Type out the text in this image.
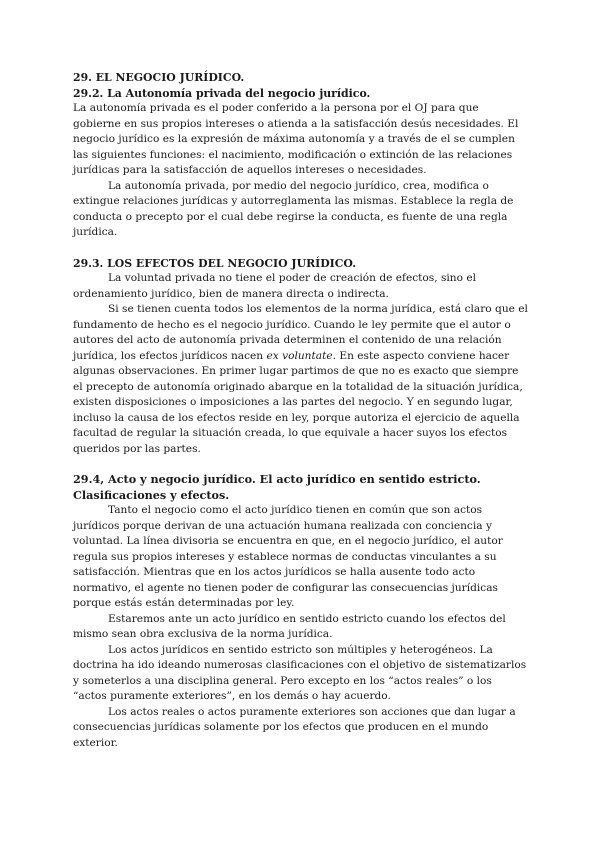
29. EL NEGOCIO JURÍDICO.
29.2. La Autonomía privada del negocio jurídico.

La autonomía privada es el poder conferido a la persona por el OJ para que gobierne en sus propios intereses o atienda a la satisfacción desús necesidades. El negocio jurídico es la expresión de máxima autonomía y a través de el se cumplen las siguientes funciones: el nacimiento, modificación o extinción de las relaciones jurídicas para la satisfacción de aquellos intereses o necesidades.

La autonomía privada, por medio del negocio jurídico, crea, modifica o extingue relaciones jurídicas y autorreglamenta las mismas. Establece la regla de conducta o precepto por el cual debe regirse la conducta, es fuente de una regla jurídica.

29.3. LOS EFECTOS DEL NEGOCIO JURÍDICO.

La voluntad privada no tiene el poder de creación de efectos, sino el ordenamiento jurídico, bien de manera directa o indirecta.

Si se tienen cuenta todos los elementos de la norma jurídica, está claro que el fundamento de hecho es el negocio jurídico. Cuando le ley permite que el autor o autores del acto de autonomía privada determinen el contenido de una relación jurídica, los efectos jurídicos nacen ex voluntate. En este aspecto conviene hacer algunas observaciones. En primer lugar partimos de que no es exacto que siempre el precepto de autonomía originado abarque en la totalidad de la situación jurídica, existen disposiciones o imposiciones a las partes del negocio. Y en segundo lugar, incluso la causa de los efectos reside en ley, porque autoriza el ejercicio de aquella facultad de regular la situación creada, lo que equivale a hacer suyos los efectos queridos por las partes.

29.4, Acto y negocio jurídico. El acto jurídico en sentido estricto. Clasificaciones y efectos.

Tanto el negocio como el acto jurídico tienen en común que son actos jurídicos porque derivan de una actuación humana realizada con conciencia y voluntad. La línea divisoria se encuentra en que, en el negocio jurídico, el autor regula sus propios intereses y establece normas de conductas vinculantes a su satisfacción. Mientras que en los actos jurídicos se halla ausente todo acto normativo, el agente no tienen poder de configurar las consecuencias jurídicas porque estás están determinadas por ley.

Estaremos ante un acto jurídico en sentido estricto cuando los efectos del mismo sean obra exclusiva de la norma jurídica.

Los actos jurídicos en sentido estricto son múltiples y heterogéneos. La doctrina ha ido ideando numerosas clasificaciones con el objetivo de sistematizarlos y someterlos a una disciplina general. Pero excepto en los “actos reales” o los “actos puramente exteriores”, en los demás o hay acuerdo.

Los actos reales o actos puramente exteriores son acciones que dan lugar a consecuencias jurídicas solamente por los efectos que producen en el mundo exterior.
